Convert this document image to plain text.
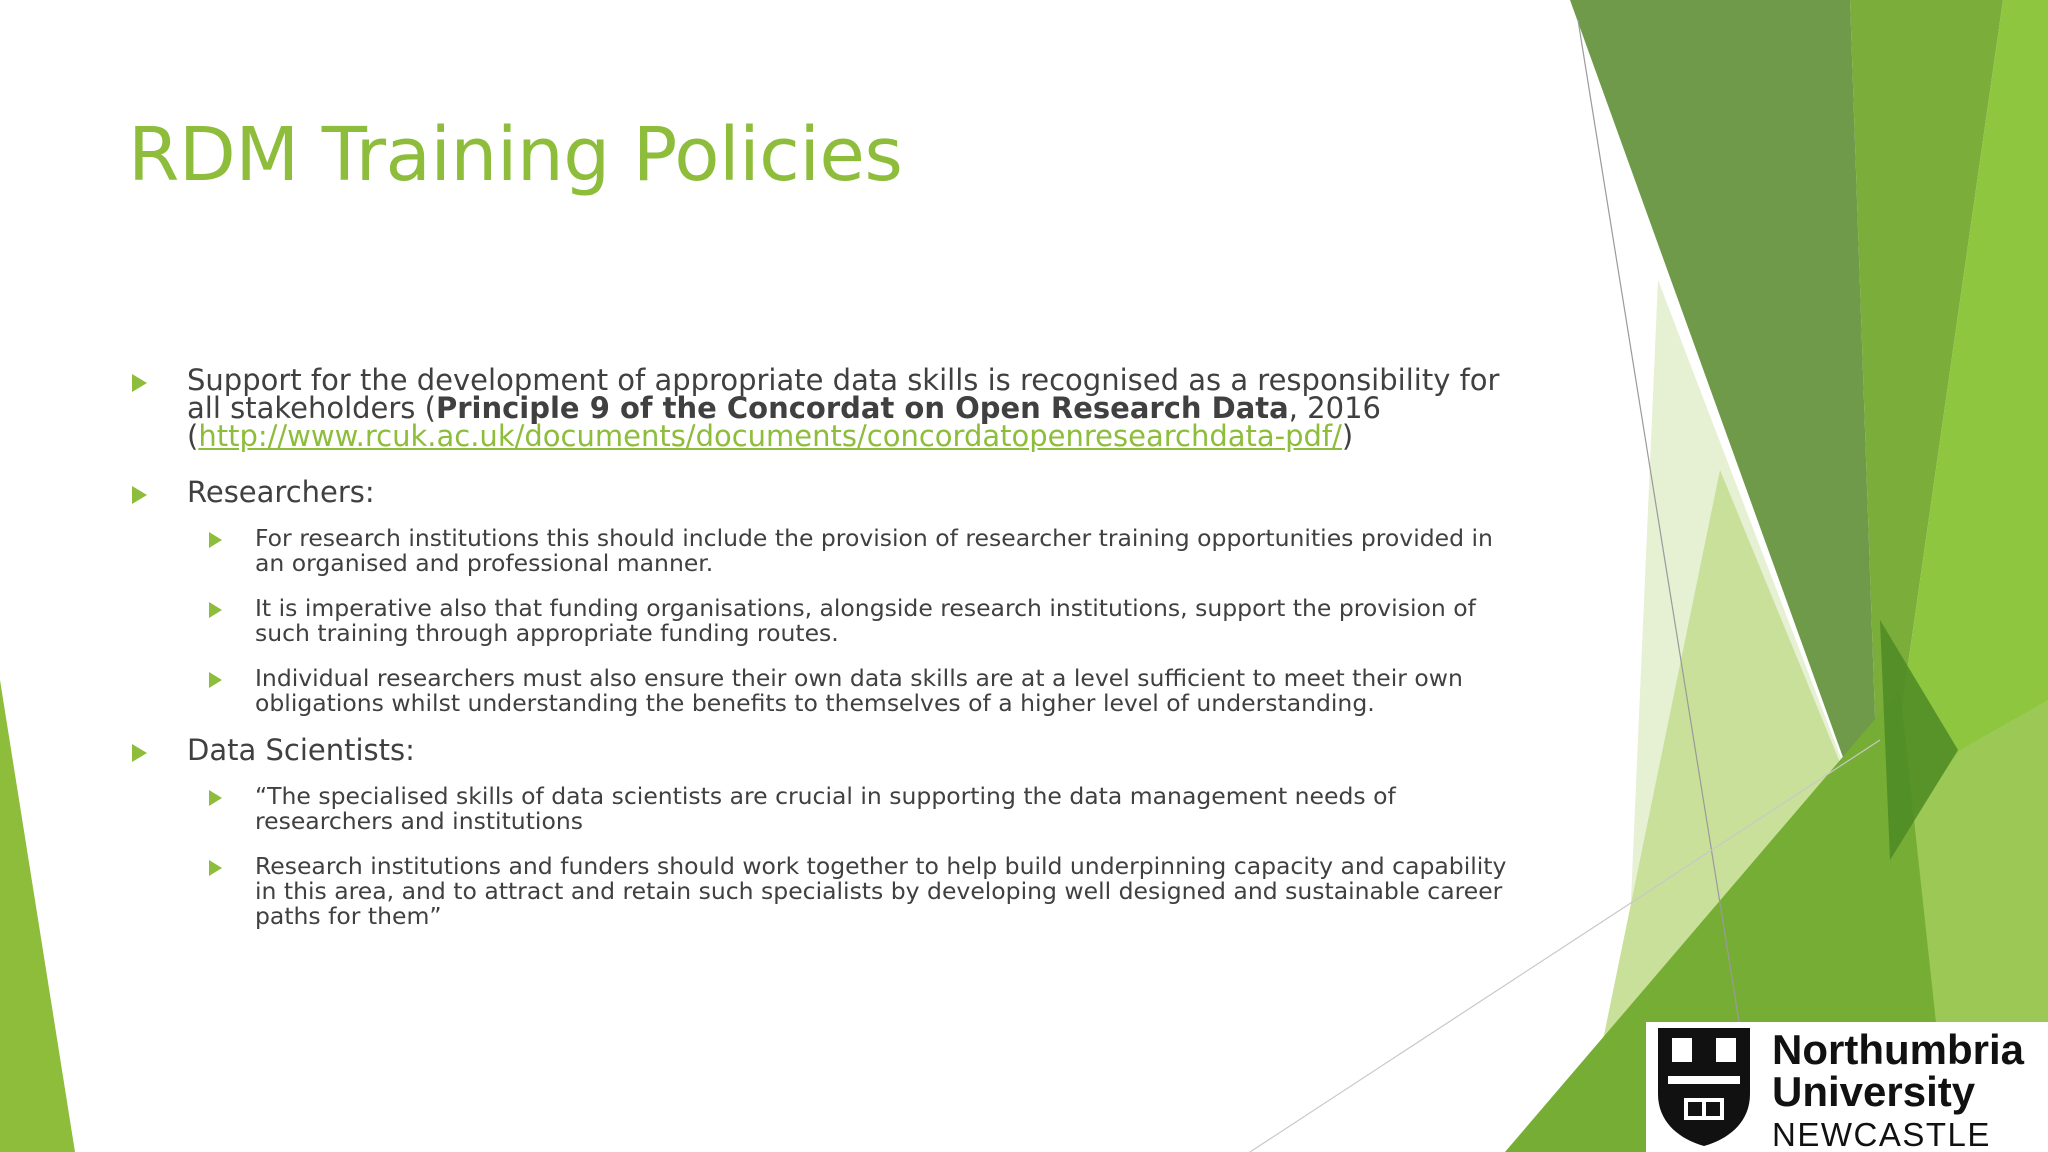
RDM Training Policies
Support for the development of appropriate data skills is recognised as a responsibility for all stakeholders (Principle 9 of the Concordat on Open Research Data, 2016 (http://www.rcuk.ac.uk/documents/documents/concordatopenresearchdata-pdf/)
Researchers:
For research institutions this should include the provision of researcher training opportunities provided in an organised and professional manner.
It is imperative also that funding organisations, alongside research institutions, support the provision of such training through appropriate funding routes.
Individual researchers must also ensure their own data skills are at a level sufficient to meet their own obligations whilst understanding the benefits to themselves of a higher level of understanding.
Data Scientists:
“The specialised skills of data scientists are crucial in supporting the data management needs of researchers and institutions
Research institutions and funders should work together to help build underpinning capacity and capability in this area, and to attract and retain such specialists by developing well designed and sustainable career paths for them”
Northumbria
University
NEWCASTLE
